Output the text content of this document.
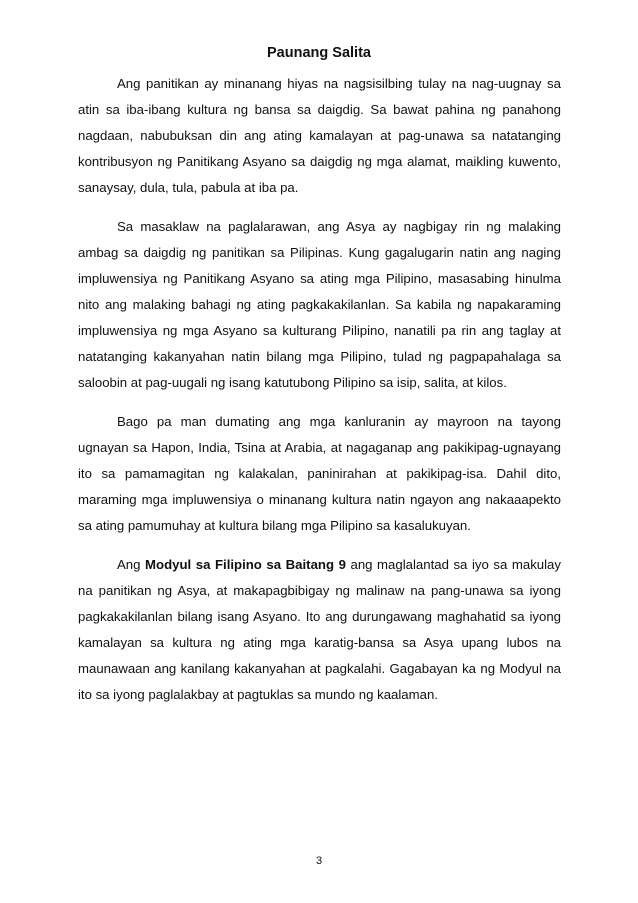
Paunang Salita

Ang panitikan ay minanang hiyas na nagsisilbing tulay na nag-uugnay sa atin sa iba-ibang kultura ng bansa sa daigdig. Sa bawat pahina ng panahong nagdaan, nabubuksan din ang ating kamalayan at pag-unawa sa natatanging kontribusyon ng Panitikang Asyano sa daigdig ng mga alamat, maikling kuwento, sanaysay, dula, tula, pabula at iba pa.

Sa masaklaw na paglalarawan, ang Asya ay nagbigay rin ng malaking ambag sa daigdig ng panitikan sa Pilipinas. Kung gagalugarin natin ang naging impluwensiya ng Panitikang Asyano sa ating mga Pilipino, masasabing hinulma nito ang malaking bahagi ng ating pagkakakilanlan. Sa kabila ng napakaraming impluwensiya ng mga Asyano sa kulturang Pilipino, nanatili pa rin ang taglay at natatanging kakanyahan natin bilang mga Pilipino, tulad ng pagpapahalaga sa saloobin at pag-uugali ng isang katutubong Pilipino sa isip, salita, at kilos.

Bago pa man dumating ang mga kanluranin ay mayroon na tayong ugnayan sa Hapon, India, Tsina at Arabia, at nagaganap ang pakikipag-ugnayang ito sa pamamagitan ng kalakalan, paninirahan at pakikipag-isa. Dahil dito, maraming mga impluwensiya o minanang kultura natin ngayon ang nakaaapekto sa ating pamumuhay at kultura bilang mga Pilipino sa kasalukuyan.

Ang Modyul sa Filipino sa Baitang 9 ang maglalantad sa iyo sa makulay na panitikan ng Asya, at makapagbibigay ng malinaw na pang-unawa sa iyong pagkakakilanlan bilang isang Asyano. Ito ang durungawang maghahatid sa iyong kamalayan sa kultura ng ating mga karatig-bansa sa Asya upang lubos na maunawaan ang kanilang kakanyahan at pagkalahi. Gagabayan ka ng Modyul na ito sa iyong paglalakbay at pagtuklas sa mundo ng kaalaman.

3
